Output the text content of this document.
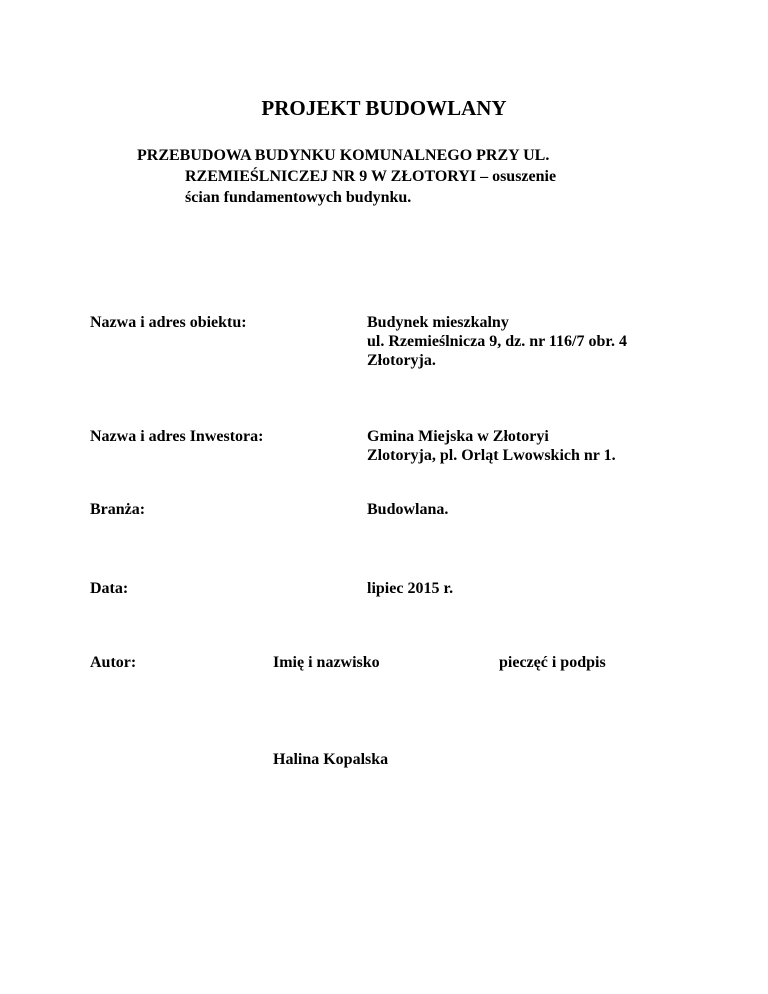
PROJEKT BUDOWLANY
PRZEBUDOWA BUDYNKU KOMUNALNEGO PRZY UL.
RZEMIEŚLNICZEJ NR 9 W ZŁOTORYI – osuszenie
ścian fundamentowych budynku.
Nazwa i adres obiektu:	Budynek mieszkalny
ul. Rzemieślnicza 9, dz. nr 116/7 obr. 4
Złotoryja.
Nazwa i adres Inwestora:	Gmina Miejska w Złotoryi
Zlotoryja, pl. Orląt Lwowskich nr 1.
Branża:	Budowlana.
Data:	lipiec 2015 r.
Autor:	Imię i nazwisko	pieczęć i podpis
Halina Kopalska
